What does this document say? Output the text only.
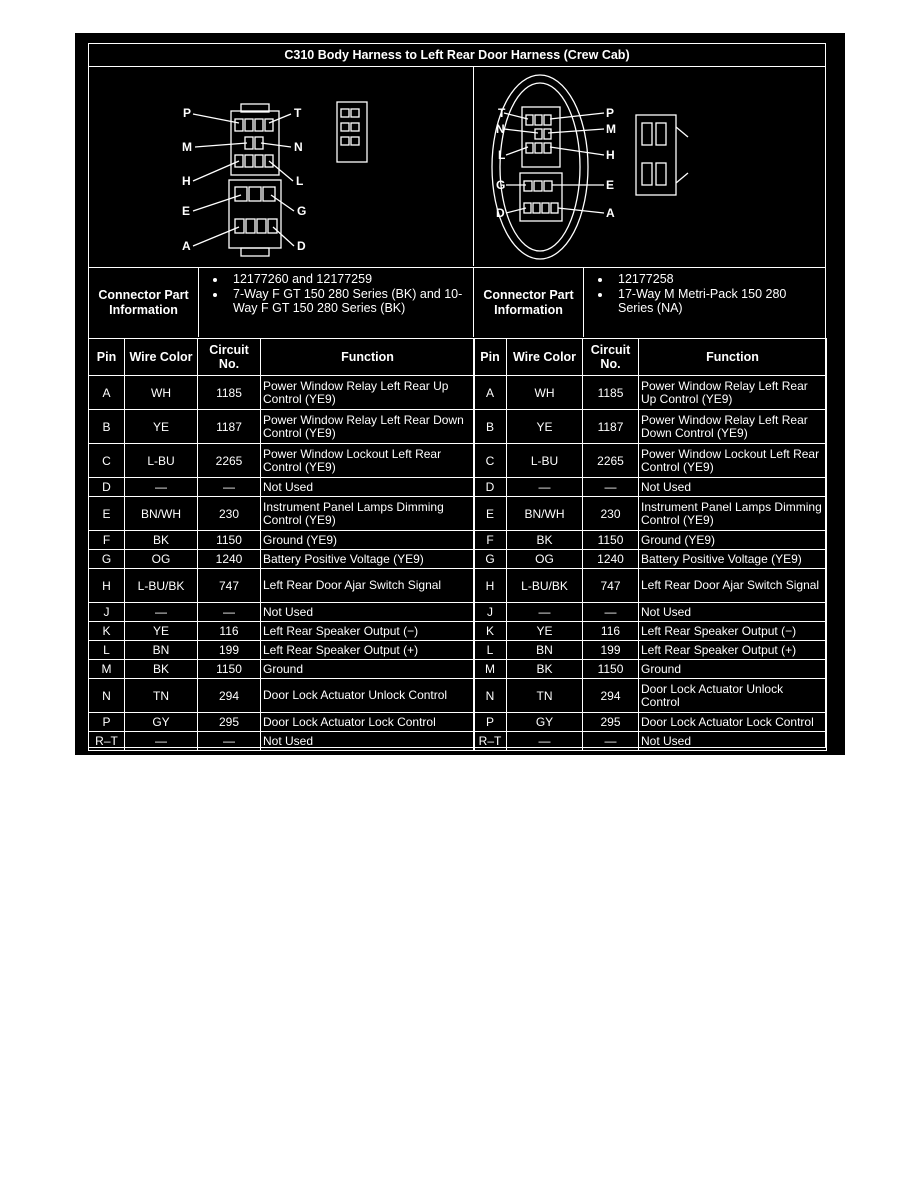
C310 Body Harness to Left Rear Door Harness (Crew Cab)
P	T
M	N
H	L
E	G
A	D
T	P
N	M
L	H
G	E
D	A
Connector Part Information
• 12177260 and 12177259
• 7-Way F GT 150 280 Series (BK) and 10-Way F GT 150 280 Series (BK)
Connector Part Information
• 12177258
• 17-Way M Metri-Pack 150 280 Series (NA)
Pin	Wire Color	Circuit No.	Function
A	WH	1185	Power Window Relay Left Rear Up Control (YE9)
B	YE	1187	Power Window Relay Left Rear Down Control (YE9)
C	L-BU	2265	Power Window Lockout Left Rear Control (YE9)
D	—	—	Not Used
E	BN/WH	230	Instrument Panel Lamps Dimming Control (YE9)
F	BK	1150	Ground (YE9)
G	OG	1240	Battery Positive Voltage (YE9)
H	L-BU/BK	747	Left Rear Door Ajar Switch Signal
J	—	—	Not Used
K	YE	116	Left Rear Speaker Output (−)
L	BN	199	Left Rear Speaker Output (+)
M	BK	1150	Ground
N	TN	294	Door Lock Actuator Unlock Control
P	GY	295	Door Lock Actuator Lock Control
R–T	—	—	Not Used
Pin	Wire Color	Circuit No.	Function
A	WH	1185	Power Window Relay Left Rear Up Control (YE9)
B	YE	1187	Power Window Relay Left Rear Down Control (YE9)
C	L-BU	2265	Power Window Lockout Left Rear Control (YE9)
D	—	—	Not Used
E	BN/WH	230	Instrument Panel Lamps Dimming Control (YE9)
F	BK	1150	Ground (YE9)
G	OG	1240	Battery Positive Voltage (YE9)
H	L-BU/BK	747	Left Rear Door Ajar Switch Signal
J	—	—	Not Used
K	YE	116	Left Rear Speaker Output (−)
L	BN	199	Left Rear Speaker Output (+)
M	BK	1150	Ground
N	TN	294	Door Lock Actuator Unlock Control
P	GY	295	Door Lock Actuator Lock Control
R–T	—	—	Not Used
